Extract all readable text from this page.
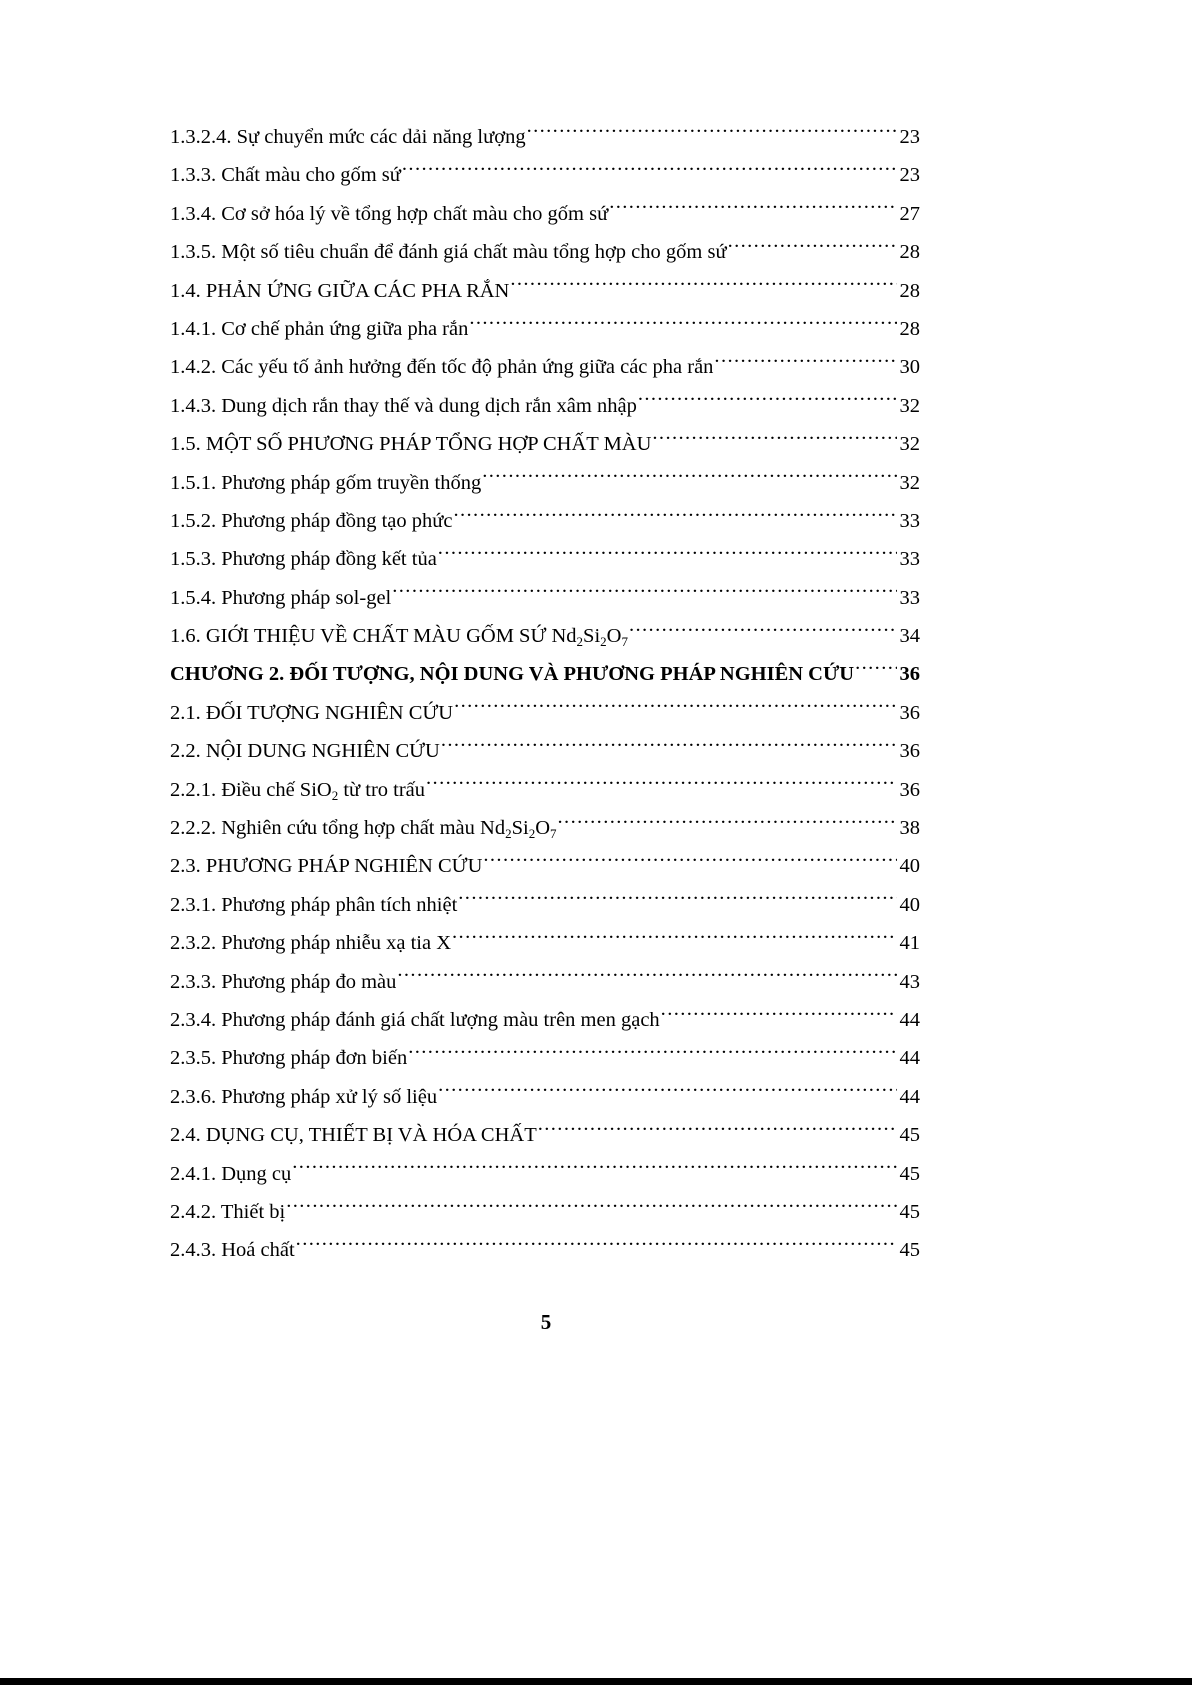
1.3.2.4. Sự chuyển mức các dải năng lượng .....	23
1.3.3. Chất màu cho gốm sứ .....	23
1.3.4. Cơ sở hóa lý về tổng hợp chất màu cho gốm sứ .....	27
1.3.5. Một số tiêu chuẩn để đánh giá chất màu tổng hợp cho gốm sứ .....	28
1.4. PHẢN ỨNG GIỮA CÁC PHA RẮN .....	28
1.4.1. Cơ chế phản ứng giữa pha rắn .....	28
1.4.2. Các yếu tố ảnh hưởng đến tốc độ phản ứng giữa các pha rắn .....	30
1.4.3. Dung dịch rắn thay thế và dung dịch rắn xâm nhập .....	32
1.5. MỘT SỐ PHƯƠNG PHÁP TỔNG HỢP CHẤT MÀU .....	32
1.5.1. Phương pháp gốm truyền thống .....	32
1.5.2. Phương pháp đồng tạo phức .....	33
1.5.3. Phương pháp đồng kết tủa .....	33
1.5.4. Phương pháp sol-gel .....	33
1.6. GIỚI THIỆU VỀ CHẤT MÀU GỐM SỨ $Nd_2Si_2O_7$ .....	34
CHƯƠNG 2. ĐỐI TƯỢNG, NỘI DUNG VÀ PHƯƠNG PHÁP NGHIÊN CỨU ..... 36
2.1. ĐỐI TƯỢNG NGHIÊN CỨU .....	36
2.2. NỘI DUNG NGHIÊN CỨU .....	36
2.2.1. Điều chế SiO$_2$ từ tro trấu .....	36
2.2.2. Nghiên cứu tổng hợp chất màu $Nd_2Si_2O_7$ .....	38
2.3. PHƯƠNG PHÁP NGHIÊN CỨU .....	40
2.3.1. Phương pháp phân tích nhiệt .....	40
2.3.2. Phương pháp nhiễu xạ tia X .....	41
2.3.3. Phương pháp đo màu .....	43
2.3.4. Phương pháp đánh giá chất lượng màu trên men gạch .....	44
2.3.5. Phương pháp đơn biến .....	44
2.3.6. Phương pháp xử lý số liệu .....	44
2.4. DỤNG CỤ, THIẾT BỊ VÀ HÓA CHẤT .....	45
2.4.1. Dụng cụ .....	45
2.4.2. Thiết bị .....	45
2.4.3. Hoá chất .....	45
5
